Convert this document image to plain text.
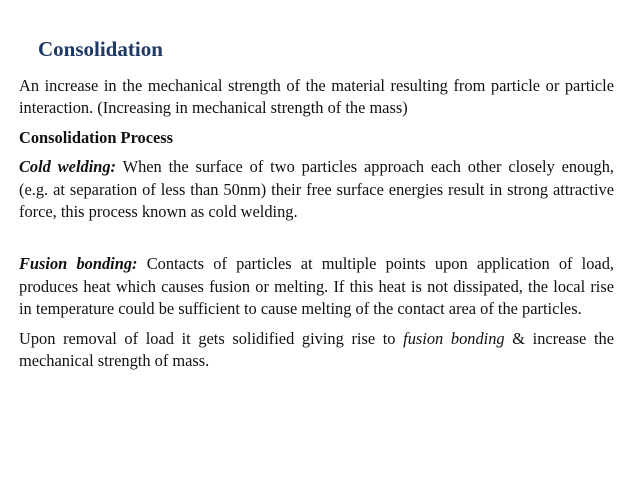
Consolidation

An increase in the mechanical strength of the material resulting from particle or particle interaction. (Increasing in mechanical strength of the mass)

Consolidation Process

Cold welding: When the surface of two particles approach each other closely enough, (e.g. at separation of less than 50nm) their free surface energies result in strong attractive force, this process known as cold welding.

Fusion bonding: Contacts of particles at multiple points upon application of load, produces heat which causes fusion or melting. If this heat is not dissipated, the local rise in temperature could be sufficient to cause melting of the contact area of the particles.

Upon removal of load it gets solidified giving rise to fusion bonding & increase the mechanical strength of mass.
